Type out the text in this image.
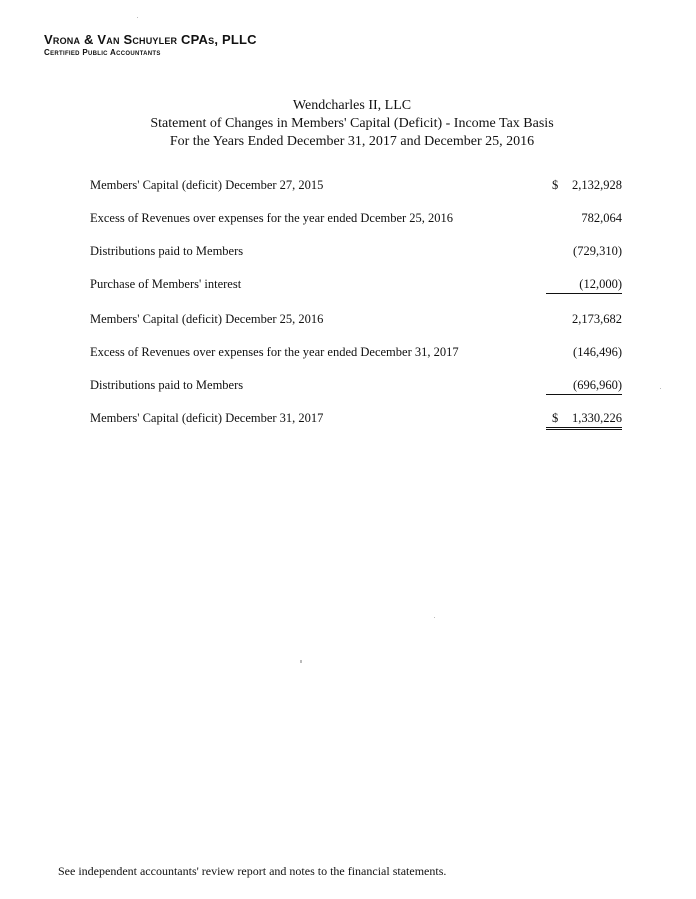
Vrona & Van Schuyler CPAs, PLLC
Certified Public Accountants
Wendcharles II, LLC
Statement of Changes in Members' Capital (Deficit) - Income Tax Basis
For the Years Ended December 31, 2017 and December 25, 2016
Members' Capital (deficit) December 27, 2015	$ 2,132,928
Excess of Revenues over expenses for the year ended Dcember 25, 2016	782,064
Distributions paid to Members	(729,310)
Purchase of Members' interest	(12,000)
Members' Capital (deficit) December 25, 2016	2,173,682
Excess of Revenues over expenses for the year ended December 31, 2017	(146,496)
Distributions paid to Members	(696,960)
Members' Capital (deficit) December 31, 2017	$ 1,330,226
See independent accountants' review report and notes to the financial statements.
